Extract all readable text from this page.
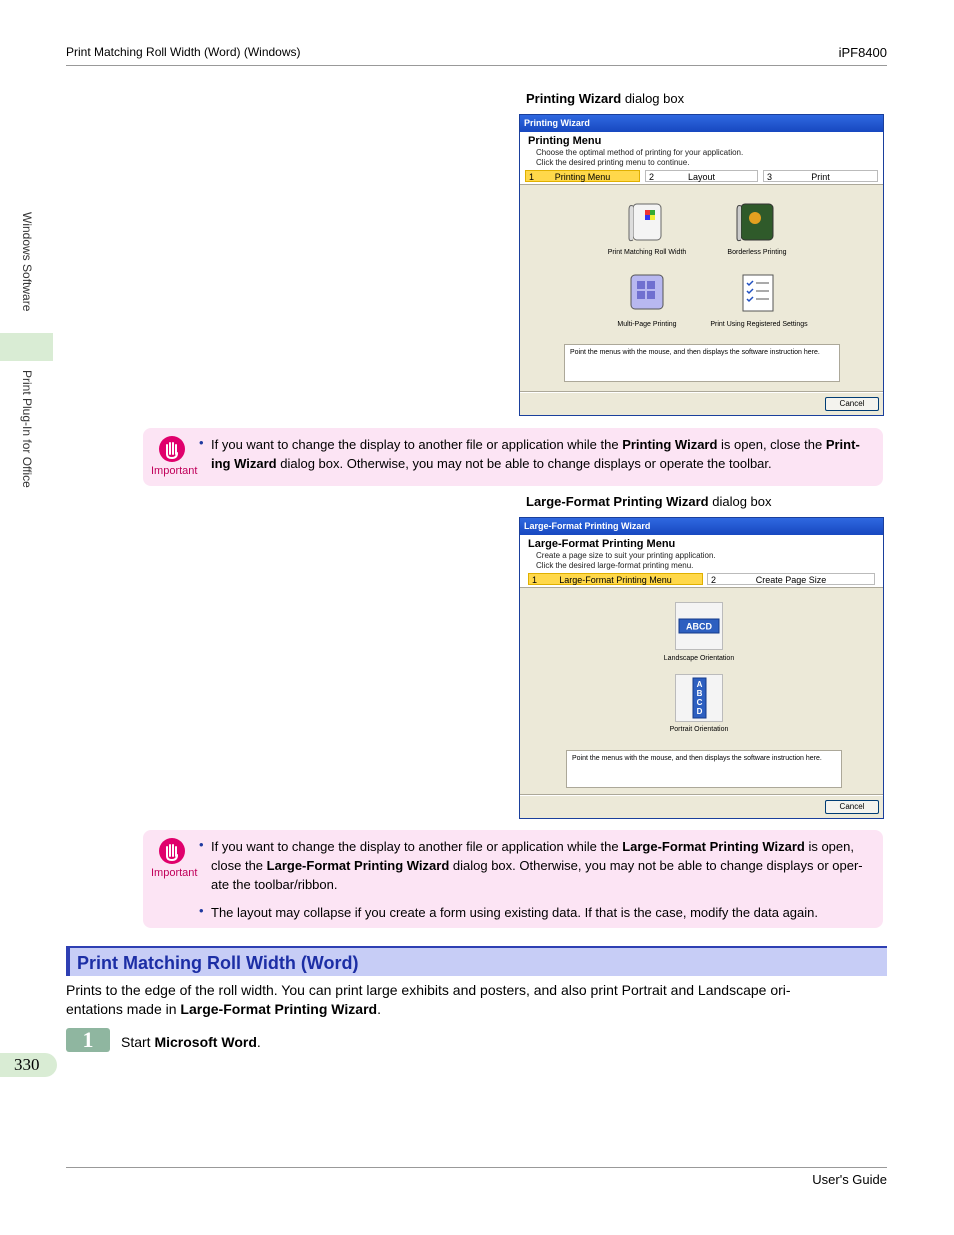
Print Matching Roll Width (Word) (Windows)	iPF8400
Windows Software
Print Plug-In for Office
330
Printing Wizard dialog box
Printing Wizard
Printing Menu
Choose the optimal method of printing for your application.
Click the desired printing menu to continue.
1	Printing Menu	2	Layout	3	Print
Print Matching Roll Width	Borderless Printing
Multi-Page Printing	Print Using Registered Settings
Point the menus with the mouse, and then displays the software instruction here.
Cancel
Important
• If you want to change the display to another file or application while the Printing Wizard is open, close the Print-
ing Wizard dialog box. Otherwise, you may not be able to change displays or operate the toolbar.
Large-Format Printing Wizard dialog box
Large-Format Printing Wizard
Large-Format Printing Menu
Create a page size to suit your printing application.
Click the desired large-format printing menu.
1	Large-Format Printing Menu	2	Create Page Size
ABCD
Landscape Orientation
A
B
C
D
Portrait Orientation
Point the menus with the mouse, and then displays the software instruction here.
Cancel
Important
• If you want to change the display to another file or application while the Large-Format Printing Wizard is open,
close the Large-Format Printing Wizard dialog box. Otherwise, you may not be able to change displays or oper-
ate the toolbar/ribbon.
• The layout may collapse if you create a form using existing data. If that is the case, modify the data again.
Print Matching Roll Width (Word)
Prints to the edge of the roll width. You can print large exhibits and posters, and also print Portrait and Landscape ori-
entations made in Large-Format Printing Wizard.
1	Start Microsoft Word.
User's Guide
